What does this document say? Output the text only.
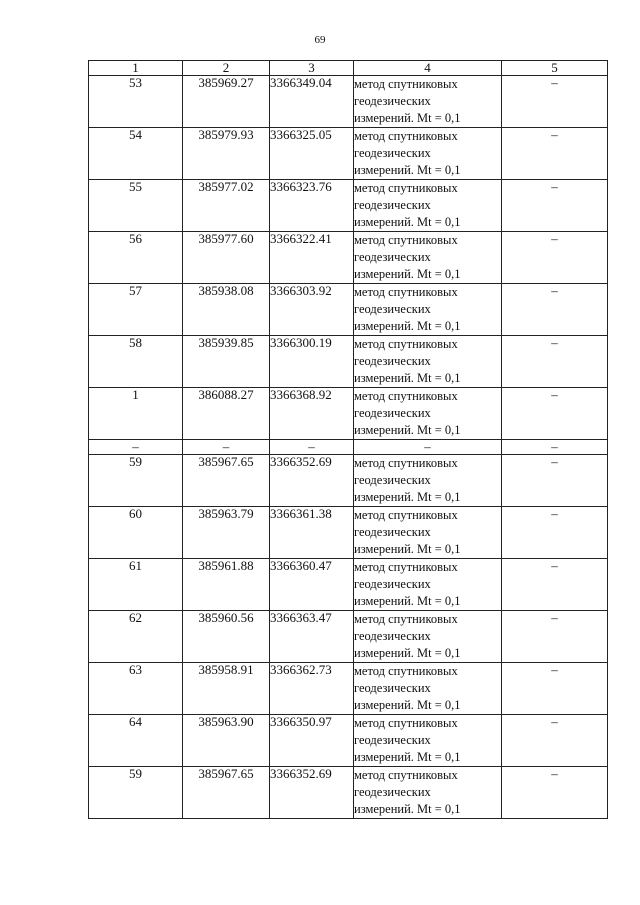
69
1	2	3	4	5
53	385969.27	3366349.04	метод спутниковых
геодезических
измерений. Mt = 0,1	–
54	385979.93	3366325.05	метод спутниковых
геодезических
измерений. Mt = 0,1	–
55	385977.02	3366323.76	метод спутниковых
геодезических
измерений. Mt = 0,1	–
56	385977.60	3366322.41	метод спутниковых
геодезических
измерений. Mt = 0,1	–
57	385938.08	3366303.92	метод спутниковых
геодезических
измерений. Mt = 0,1	–
58	385939.85	3366300.19	метод спутниковых
геодезических
измерений. Mt = 0,1	–
1	386088.27	3366368.92	метод спутниковых
геодезических
измерений. Mt = 0,1	–
–	–	–	–	–
59	385967.65	3366352.69	метод спутниковых
геодезических
измерений. Mt = 0,1	–
60	385963.79	3366361.38	метод спутниковых
геодезических
измерений. Mt = 0,1	–
61	385961.88	3366360.47	метод спутниковых
геодезических
измерений. Mt = 0,1	–
62	385960.56	3366363.47	метод спутниковых
геодезических
измерений. Mt = 0,1	–
63	385958.91	3366362.73	метод спутниковых
геодезических
измерений. Mt = 0,1	–
64	385963.90	3366350.97	метод спутниковых
геодезических
измерений. Mt = 0,1	–
59	385967.65	3366352.69	метод спутниковых
геодезических
измерений. Mt = 0,1	–
